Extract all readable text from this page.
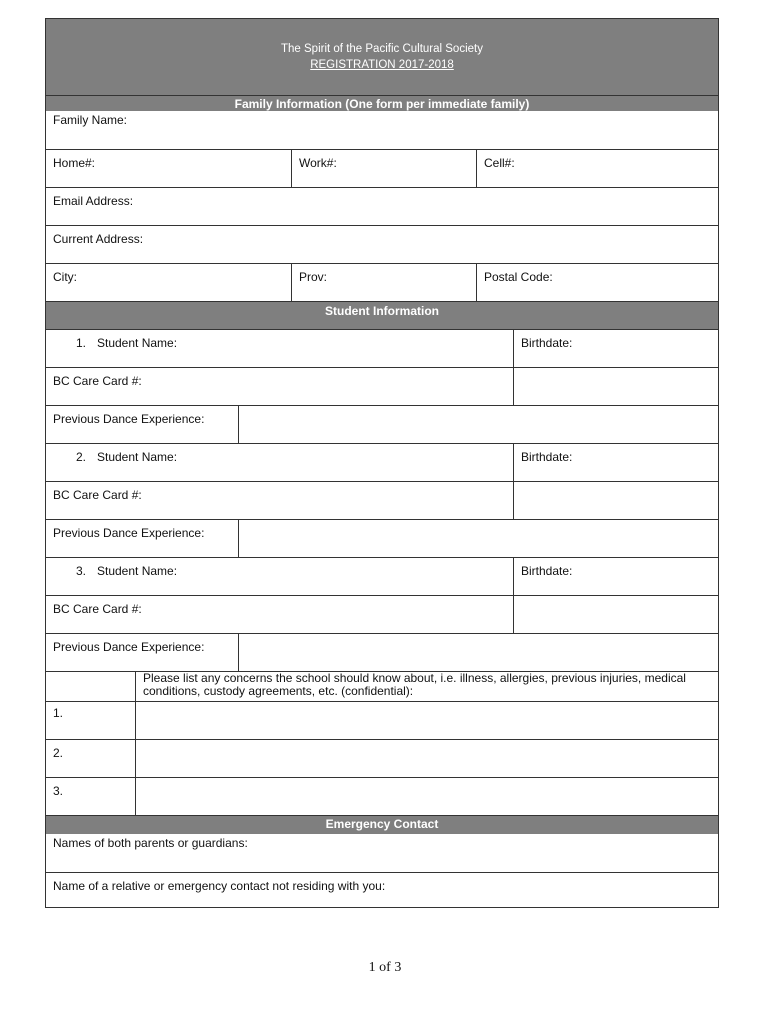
The Spirit of the Pacific Cultural Society
REGISTRATION 2017-2018
Family Information (One form per immediate family)
Family Name:
Home#:	Work#:	Cell#:
Email Address:
Current Address:
City:	Prov:	Postal Code:
Student Information
1. Student Name:	Birthdate:
BC Care Card #:
Previous Dance Experience:
2. Student Name:	Birthdate:
BC Care Card #:
Previous Dance Experience:
3. Student Name:	Birthdate:
BC Care Card #:
Previous Dance Experience:
Please list any concerns the school should know about, i.e. illness, allergies, previous injuries, medical conditions, custody agreements, etc. (confidential):
1.
2.
3.
Emergency Contact
Names of both parents or guardians:
Name of a relative or emergency contact not residing with you:
1 of 3
